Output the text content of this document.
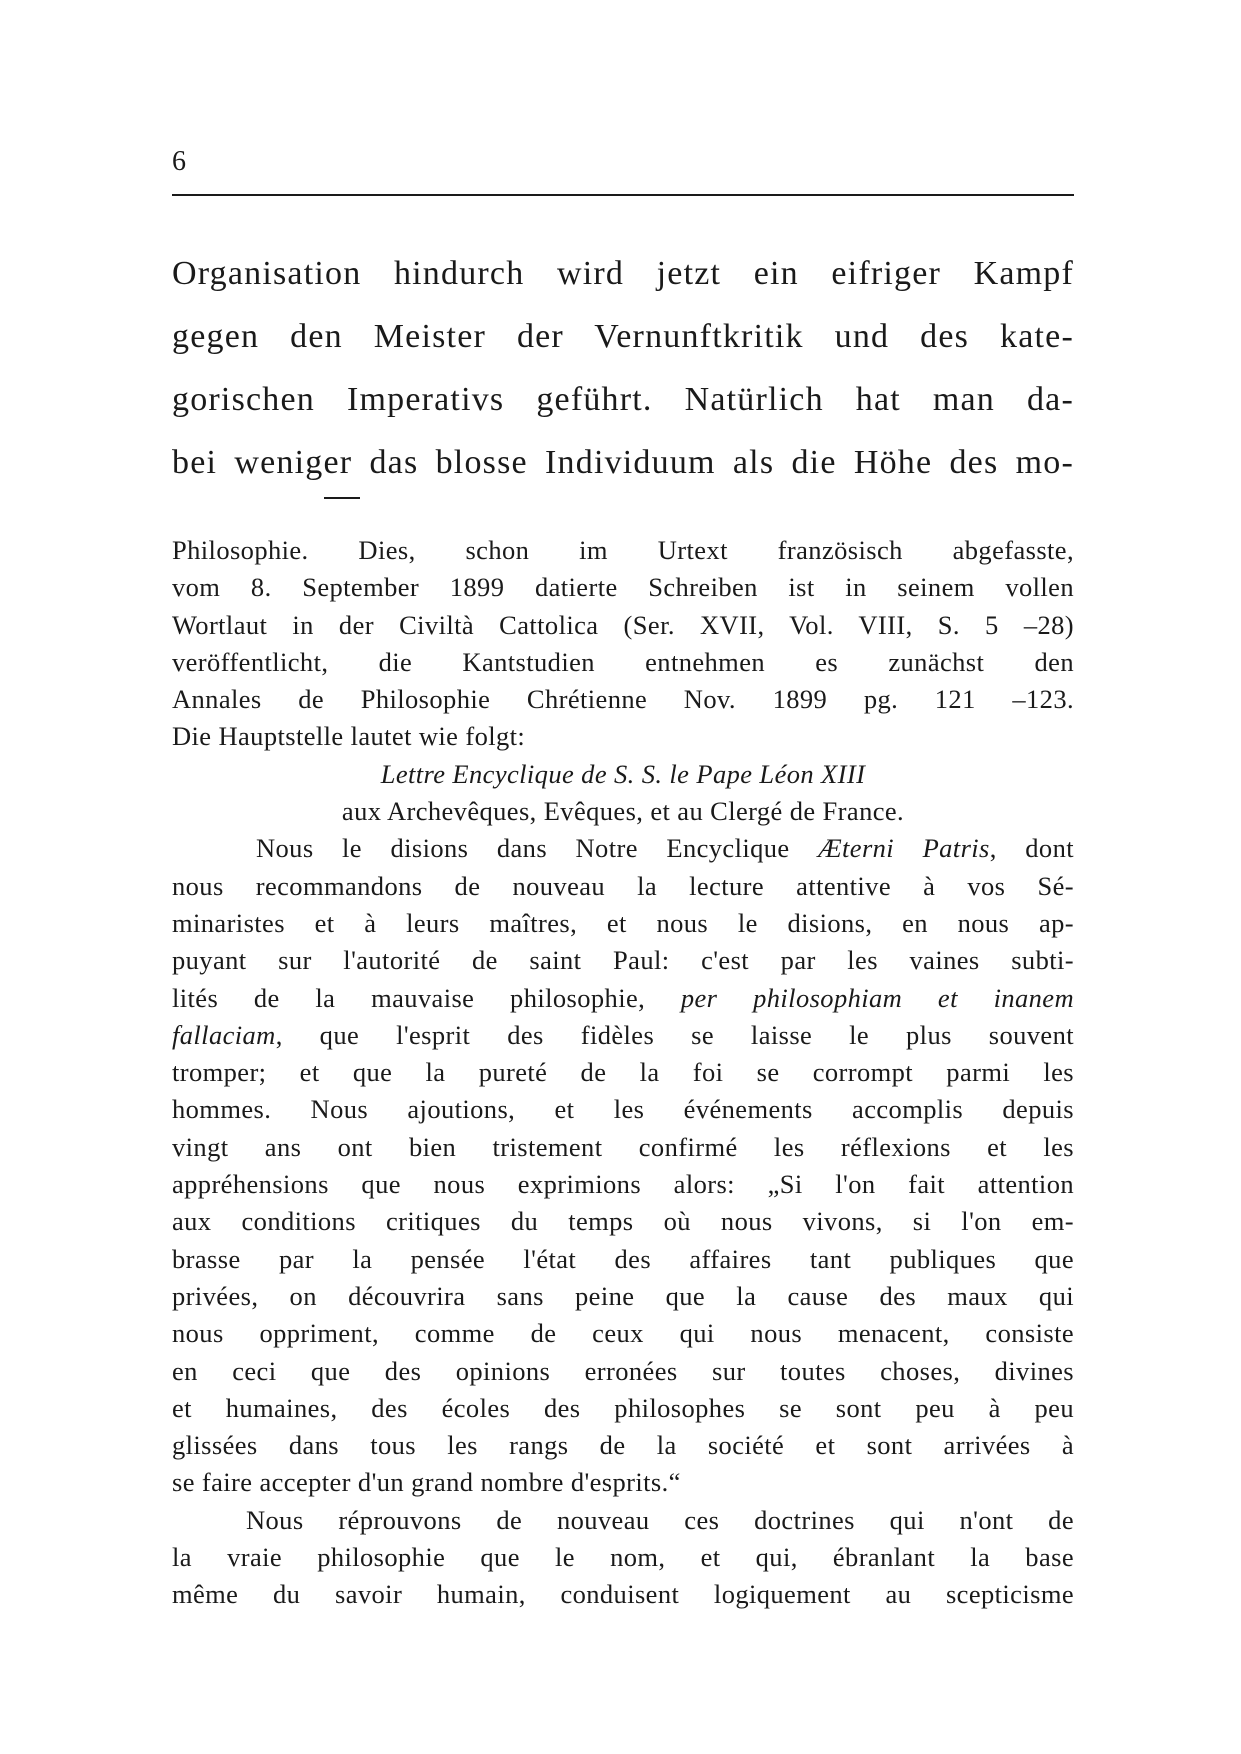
6
Organisation hindurch wird jetzt ein eifriger Kampf
gegen den Meister der Vernunftkritik und des kate-
gorischen Imperativs geführt. Natürlich hat man da-
bei weniger das blosse Individuum als die Höhe des mo-
Philosophie. Dies, schon im Urtext französisch abgefasste,
vom 8. September 1899 datierte Schreiben ist in seinem vollen
Wortlaut in der Civiltà Cattolica (Ser. XVII, Vol. VIII, S. 5 –28)
veröffentlicht, die Kantstudien entnehmen es zunächst den
Annales de Philosophie Chrétienne Nov. 1899 pg. 121 –123.
Die Hauptstelle lautet wie folgt:
Lettre Encyclique de S. S. le Pape Léon XIII
aux Archevêques, Evêques, et au Clergé de France.
Nous le disions dans Notre Encyclique Æterni Patris, dont
nous recommandons de nouveau la lecture attentive à vos Sé-
minaristes et à leurs maîtres, et nous le disions, en nous ap-
puyant sur l'autorité de saint Paul: c'est par les vaines subti-
lités de la mauvaise philosophie, per philosophiam et inanem
fallaciam, que l'esprit des fidèles se laisse le plus souvent
tromper; et que la pureté de la foi se corrompt parmi les
hommes. Nous ajoutions, et les événements accomplis depuis
vingt ans ont bien tristement confirmé les réflexions et les
appréhensions que nous exprimions alors: „Si l'on fait attention
aux conditions critiques du temps où nous vivons, si l'on em-
brasse par la pensée l'état des affaires tant publiques que
privées, on découvrira sans peine que la cause des maux qui
nous oppriment, comme de ceux qui nous menacent, consiste
en ceci que des opinions erronées sur toutes choses, divines
et humaines, des écoles des philosophes se sont peu à peu
glissées dans tous les rangs de la société et sont arrivées à
se faire accepter d'un grand nombre d'esprits.“
Nous réprouvons de nouveau ces doctrines qui n'ont de
la vraie philosophie que le nom, et qui, ébranlant la base
même du savoir humain, conduisent logiquement au scepticisme
